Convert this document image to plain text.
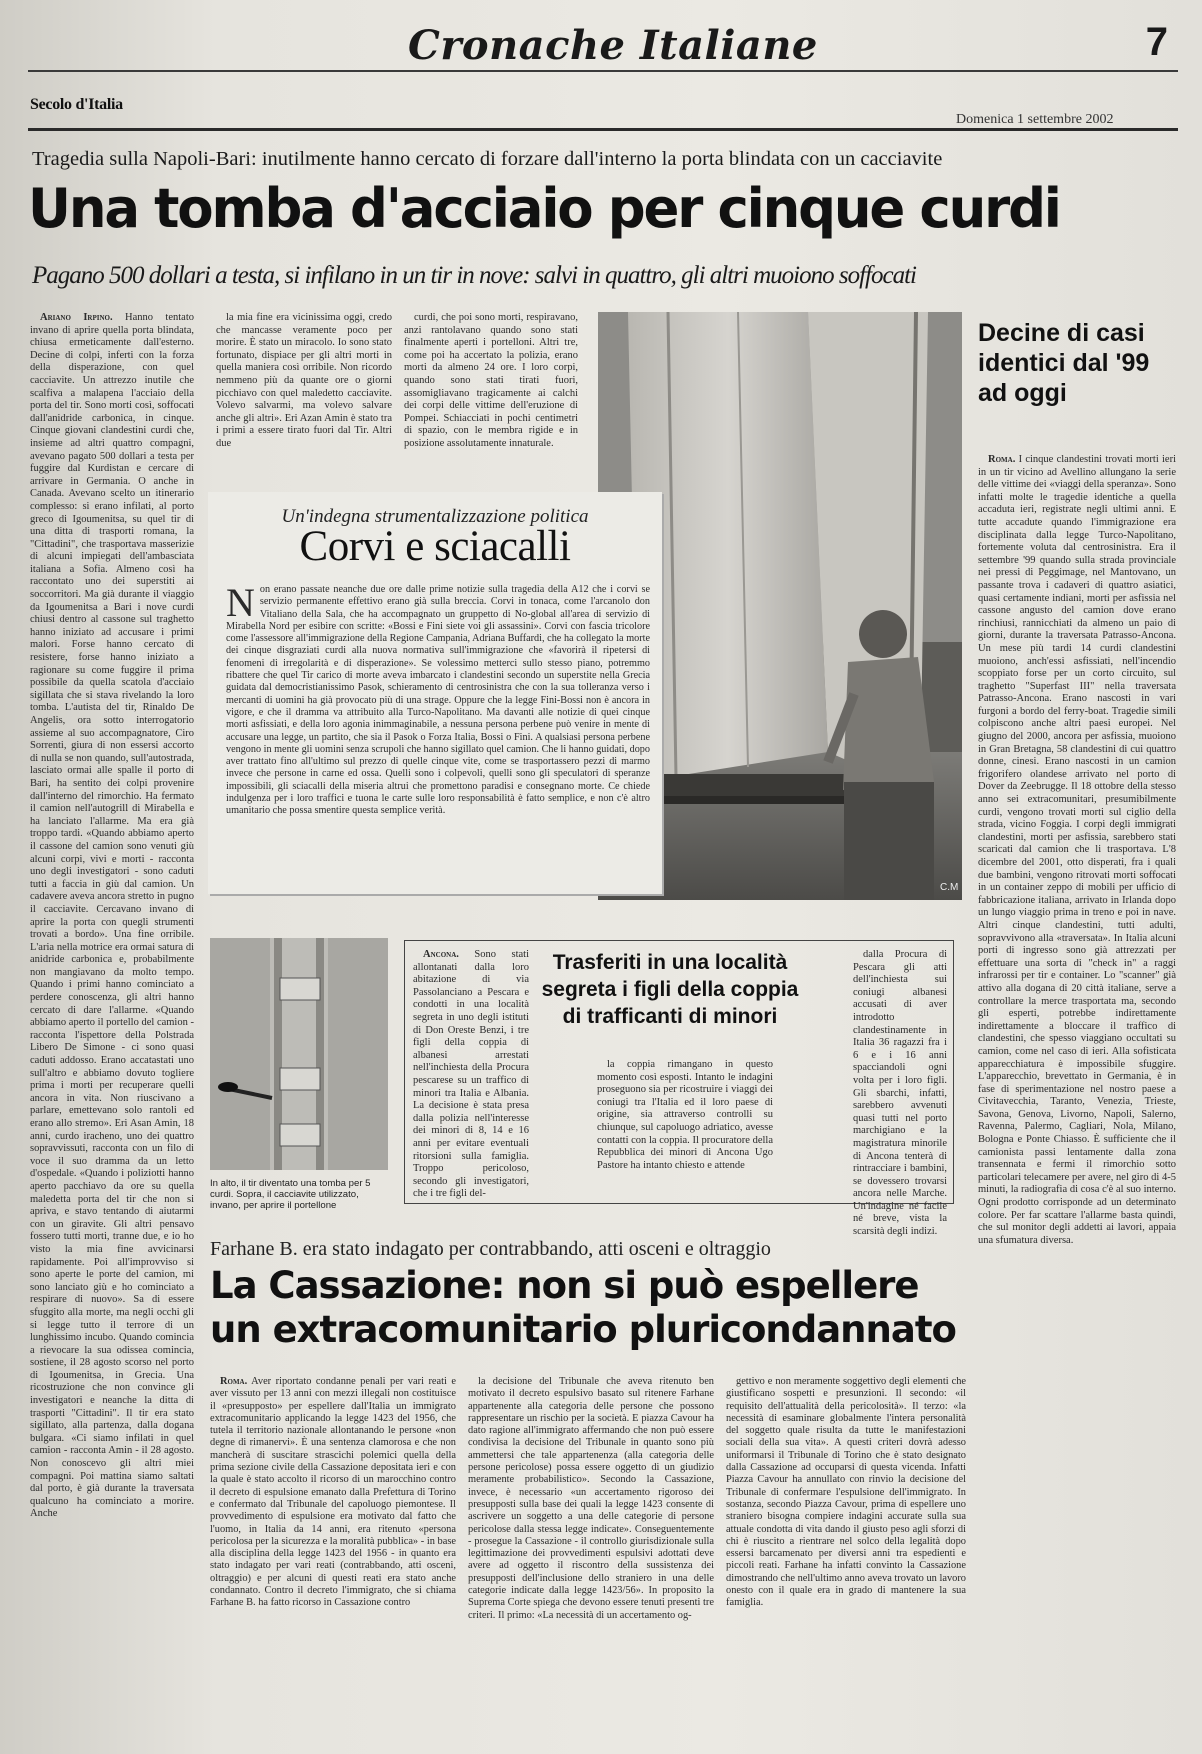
Cronache Italiane	7
Secolo d'Italia
Domenica 1 settembre 2002
Tragedia sulla Napoli-Bari: inutilmente hanno cercato di forzare dall'interno la porta blindata con un cacciavite
Una tomba d'acciaio per cinque curdi
Pagano 500 dollari a testa, si infilano in un tir in nove: salvi in quattro, gli altri muoiono soffocati

Ariano Irpino. Hanno tentato invano di aprire quella porta blindata, chiusa ermeticamente dall'esterno. Decine di colpi, inferti con la forza della disperazione, con quel cacciavite. Un attrezzo inutile che scalfiva a malapena l'acciaio della porta del tir. Sono morti così, soffocati dall'anidride carbonica, in cinque. Cinque giovani clandestini curdi che, insieme ad altri quattro compagni, avevano pagato 500 dollari a testa per fuggire dal Kurdistan e cercare di arrivare in Germania. O anche in Canada. Avevano scelto un itinerario complesso: si erano infilati, al porto greco di Igoumenitsa, su quel tir di una ditta di trasporti romana, la "Cittadini", che trasportava masserizie di alcuni impiegati dell'ambasciata italiana a Sofia. Almeno così ha raccontato uno dei superstiti ai soccorritori. Ma già durante il viaggio da Igoumenitsa a Bari i nove curdi chiusi dentro al cassone sul traghetto hanno iniziato ad accusare i primi malori. Forse hanno cercato di resistere, forse hanno iniziato a ragionare su come fuggire il prima possibile da quella scatola d'acciaio sigillata che si stava rivelando la loro tomba. L'autista del tir, Rinaldo De Angelis, ora sotto interrogatorio assieme al suo accompagnatore, Ciro Sorrenti, giura di non essersi accorto di nulla se non quando, sull'autostrada, lasciato ormai alle spalle il porto di Bari, ha sentito dei colpi provenire dall'interno del rimorchio. Ha fermato il camion nell'autogrill di Mirabella e ha lanciato l'allarme. Ma era già troppo tardi. «Quando abbiamo aperto il cassone del camion sono venuti giù alcuni corpi, vivi e morti - racconta uno degli investigatori - sono caduti tutti a faccia in giù dal camion. Un cadavere aveva ancora stretto in pugno il cacciavite. Cercavano invano di aprire la porta con quegli strumenti trovati a bordo». Una fine orribile. L'aria nella motrice era ormai satura di anidride carbonica e, probabilmente non mangiavano da molto tempo. Quando i primi hanno cominciato a perdere conoscenza, gli altri hanno cercato di dare l'allarme. «Quando abbiamo aperto il portello del camion - racconta l'ispettore della Polstrada Libero De Simone - ci sono quasi caduti addosso. Erano accatastati uno sull'altro e abbiamo dovuto togliere prima i morti per recuperare quelli ancora in vita. Non riuscivano a parlare, emettevano solo rantoli ed erano allo stremo». Eri Asan Amin, 18 anni, curdo iracheno, uno dei quattro sopravvissuti, racconta con un filo di voce il suo dramma da un letto d'ospedale. «Quando i poliziotti hanno aperto pacchiavo da ore su quella maledetta porta del tir che non si apriva, e stavo tentando di aiutarmi con un giravite. Gli altri pensavo fossero tutti morti, tranne due, e io ho visto la mia fine avvicinarsi rapidamente. Poi all'improvviso si sono aperte le porte del camion, mi sono lanciato giù e ho cominciato a respirare di nuovo». Sa di essere sfuggito alla morte, ma negli occhi gli si legge tutto il terrore di un lunghissimo incubo. Quando comincia a rievocare la sua odissea comincia, sostiene, il 28 agosto scorso nel porto di Igoumenitsa, in Grecia. Una ricostruzione che non convince gli investigatori e neanche la ditta di trasporti "Cittadini". Il tir era stato sigillato, alla partenza, dalla dogana bulgara. «Ci siamo infilati in quel camion - racconta Amin - il 28 agosto. Non conoscevo gli altri miei compagni. Poi mattina siamo saltati dal porto, è già durante la traversata qualcuno ha cominciato a morire. Anche

la mia fine era vicinissima oggi, credo che mancasse veramente poco per morire. È stato un miracolo. Io sono stato fortunato, dispiace per gli altri morti in quella maniera così orribile. Non ricordo nemmeno più da quante ore o giorni picchiavo con quel maledetto cacciavite. Volevo salvarmi, ma volevo salvare anche gli altri». Eri Azan Amin è stato tra i primi a essere tirato fuori dal Tir. Altri due

curdi, che poi sono morti, respiravano, anzi rantolavano quando sono stati finalmente aperti i portelloni. Altri tre, come poi ha accertato la polizia, erano morti da almeno 24 ore. I loro corpi, quando sono stati tirati fuori, assomigliavano tragicamente ai calchi dei corpi delle vittime dell'eruzione di Pompei. Schiacciati in pochi centimetri di spazio, con le membra rigide e in posizione assolutamente innaturale.

C.M
Un'indegna strumentalizzazione politica
Corvi e sciacalli
N on erano passate neanche due ore dalle prime notizie sulla tragedia della A12 che i corvi se servizio permanente effettivo erano già sulla breccia. Corvi in tonaca, come l'arcanolo don Vitaliano della Sala, che ha accompagnato un gruppetto di No-global all'area di servizio di Mirabella Nord per esibire con scritte: «Bossi e Fini siete voi gli assassini». Corvi con fascia tricolore come l'assessore all'immigrazione della Regione Campania, Adriana Buffardi, che ha collegato la morte dei cinque disgraziati curdi alla nuova normativa sull'immigrazione che «favorirà il ripetersi di fenomeni di irregolarità e di disperazione». Se volessimo metterci sullo stesso piano, potremmo ribattere che quel Tir carico di morte aveva imbarcato i clandestini secondo un superstite nella Grecia guidata dal democristianissimo Pasok, schieramento di centrosinistra che con la sua tolleranza verso i mercanti di uomini ha già provocato più di una strage. Oppure che la legge Fini-Bossi non è ancora in vigore, e che il dramma va attribuito alla Turco-Napolitano. Ma davanti alle notizie di quei cinque morti asfissiati, e della loro agonia inimmaginabile, a nessuna persona perbene può venire in mente di accusare una legge, un partito, che sia il Pasok o Forza Italia, Bossi o Fini. A qualsiasi persona perbene vengono in mente gli uomini senza scrupoli che hanno sigillato quel camion. Che li hanno guidati, dopo aver trattato fino all'ultimo sul prezzo di quelle cinque vite, come se trasportassero pezzi di marmo invece che persone in carne ed ossa. Quelli sono i colpevoli, quelli sono gli speculatori di speranze impossibili, gli sciacalli della miseria altrui che promettono paradisi e consegnano morte. Ce chiede indulgenza per i loro traffici e tuona le carte sulle loro responsabilità è fatto semplice, e non c'è altro umanitario che possa smentire questa semplice verità.
Decine di casi identici dal '99 ad oggi

Roma. I cinque clandestini trovati morti ieri in un tir vicino ad Avellino allungano la serie delle vittime dei «viaggi della speranza». Sono infatti molte le tragedie identiche a quella accaduta ieri, registrate negli ultimi anni. E tutte accadute quando l'immigrazione era disciplinata dalla legge Turco-Napolitano, fortemente voluta dal centrosinistra. Era il settembre '99 quando sulla strada provinciale nei pressi di Peggimage, nel Mantovano, un passante trova i cadaveri di quattro asiatici, quasi certamente indiani, morti per asfissia nel cassone angusto del camion dove erano rinchiusi, rannicchiati da almeno un paio di giorni, durante la traversata Patrasso-Ancona. Un mese più tardi 14 curdi clandestini muoiono, anch'essi asfissiati, nell'incendio scoppiato forse per un corto circuito, sul traghetto "Superfast III" nella traversata Patrasso-Ancona. Erano nascosti in vari furgoni a bordo del ferry-boat. Tragedie simili colpiscono anche altri paesi europei. Nel giugno del 2000, ancora per asfissia, muoiono in Gran Bretagna, 58 clandestini di cui quattro donne, cinesi. Erano nascosti in un camion frigorifero olandese arrivato nel porto di Dover da Zeebrugge. Il 18 ottobre della stesso anno sei extracomunitari, presumibilmente curdi, vengono trovati morti sul ciglio della strada, vicino Foggia. I corpi degli immigrati clandestini, morti per asfissia, sarebbero stati scaricati dal camion che li trasportava. L'8 dicembre del 2001, otto disperati, fra i quali due bambini, vengono ritrovati morti soffocati in un container zeppo di mobili per ufficio di fabbricazione italiana, arrivato in Irlanda dopo un lungo viaggio prima in treno e poi in nave. Altri cinque clandestini, tutti adulti, sopravvivono alla «traversata». In Italia alcuni porti di ingresso sono già attrezzati per effettuare una sorta di "check in" a raggi infrarossi per tir e container. Lo "scanner" già attivo alla dogana di 20 città italiane, serve a controllare la merce trasportata ma, secondo gli esperti, potrebbe indirettamente indirettamente a bloccare il traffico di clandestini, che spesso viaggiano occultati su camion, come nel caso di ieri. Alla sofisticata apparecchiatura è impossibile sfuggire. L'apparecchio, brevettato in Germania, è in fase di sperimentazione nel nostro paese a Civitavecchia, Taranto, Venezia, Trieste, Savona, Genova, Livorno, Napoli, Salerno, Ravenna, Palermo, Cagliari, Nola, Milano, Bologna e Ponte Chiasso. È sufficiente che il camionista passi lentamente dalla zona transennata e fermi il rimorchio sotto particolari telecamere per avere, nel giro di 4-5 minuti, la radiografia di cosa c'è al suo interno. Ogni prodotto corrisponde ad un determinato colore. Per far scattare l'allarme basta quindi, che sul monitor degli addetti ai lavori, appaia una sfumatura diversa.

In alto, il tir diventato una tomba per 5 curdi. Sopra, il cacciavite utilizzato, invano, per aprire il portellone
Trasferiti in una località segreta i figli della coppia di trafficanti di minori

Ancona. Sono stati allontanati dalla loro abitazione di via Passolanciano a Pescara e condotti in una località segreta in uno degli istituti di Don Oreste Benzi, i tre figli della coppia di albanesi arrestati nell'inchiesta della Procura pescarese su un traffico di minori tra Italia e Albania. La decisione è stata presa dalla polizia nell'interesse dei minori di 8, 14 e 16 anni per evitare eventuali ritorsioni sulla famiglia. Troppo pericoloso, secondo gli investigatori, che i tre figli del-

la coppia rimangano in questo momento così esposti. Intanto le indagini proseguono sia per ricostruire i viaggi dei coniugi tra l'Italia ed il loro paese di origine, sia attraverso controlli su chiunque, sul capoluogo adriatico, avesse contatti con la coppia. Il procuratore della Repubblica dei minori di Ancona Ugo Pastore ha intanto chiesto e attende

dalla Procura di Pescara gli atti dell'inchiesta sui coniugi albanesi accusati di aver introdotto clandestinamente in Italia 36 ragazzi fra i 6 e i 16 anni spacciandoli ogni volta per i loro figli. Gli sbarchi, infatti, sarebbero avvenuti quasi tutti nel porto marchigiano e la magistratura minorile di Ancona tenterà di rintracciare i bambini, se dovessero trovarsi ancora nelle Marche. Un'indagine né facile né breve, vista la scarsità degli indizi.

Farhane B. era stato indagato per contrabbando, atti osceni e oltraggio
La Cassazione: non si può espellere un extracomunitario pluricondannato

Roma. Aver riportato condanne penali per vari reati e aver vissuto per 13 anni con mezzi illegali non costituisce il «presupposto» per espellere dall'Italia un immigrato extracomunitario applicando la legge 1423 del 1956, che tutela il territorio nazionale allontanando le persone «non degne di rimanervi». È una sentenza clamorosa e che non mancherà di suscitare strascichi polemici quella della prima sezione civile della Cassazione depositata ieri e con la quale è stato accolto il ricorso di un marocchino contro il decreto di espulsione emanato dalla Prefettura di Torino e confermato dal Tribunale del capoluogo piemontese. Il provvedimento di espulsione era motivato dal fatto che l'uomo, in Italia da 14 anni, era ritenuto «persona pericolosa per la sicurezza e la moralità pubblica» - in base alla disciplina della legge 1423 del 1956 - in quanto era stato indagato per vari reati (contrabbando, atti osceni, oltraggio) e per alcuni di questi reati era stato anche condannato. Contro il decreto l'immigrato, che si chiama Farhane B. ha fatto ricorso in Cassazione contro

la decisione del Tribunale che aveva ritenuto ben motivato il decreto espulsivo basato sul ritenere Farhane appartenente alla categoria delle persone che possono rappresentare un rischio per la società. E piazza Cavour ha dato ragione all'immigrato affermando che non può essere condivisa la decisione del Tribunale in quanto sono più ammettersi che tale appartenenza (alla categoria delle persone pericolose) possa essere oggetto di un giudizio meramente probabilistico». Secondo la Cassazione, invece, è necessario «un accertamento rigoroso dei presupposti sulla base dei quali la legge 1423 consente di ascrivere un soggetto a una delle categorie di persone pericolose dalla stessa legge indicate». Conseguentemente - prosegue la Cassazione - il controllo giurisdizionale sulla legittimazione dei provvedimenti espulsivi adottati deve avere ad oggetto il riscontro della sussistenza dei presupposti dell'inclusione dello straniero in una delle categorie indicate dalla legge 1423/56». In proposito la Suprema Corte spiega che devono essere tenuti presenti tre criteri. Il primo: «La necessità di un accertamento og-

gettivo e non meramente soggettivo degli elementi che giustificano sospetti e presunzioni. Il secondo: «il requisito dell'attualità della pericolosità». Il terzo: «la necessità di esaminare globalmente l'intera personalità del soggetto quale risulta da tutte le manifestazioni sociali della sua vita». A questi criteri dovrà adesso uniformarsi il Tribunale di Torino che è stato designato dalla Cassazione ad occuparsi di questa vicenda. Infatti Piazza Cavour ha annullato con rinvio la decisione del Tribunale di confermare l'espulsione dell'immigrato. In sostanza, secondo Piazza Cavour, prima di espellere uno straniero bisogna compiere indagini accurate sulla sua attuale condotta di vita dando il giusto peso agli sforzi di chi è riuscito a rientrare nel solco della legalità dopo essersi barcamenato per diversi anni tra espedienti e piccoli reati. Farhane ha infatti convinto la Cassazione dimostrando che nell'ultimo anno aveva trovato un lavoro onesto con il quale era in grado di mantenere la sua famiglia.
